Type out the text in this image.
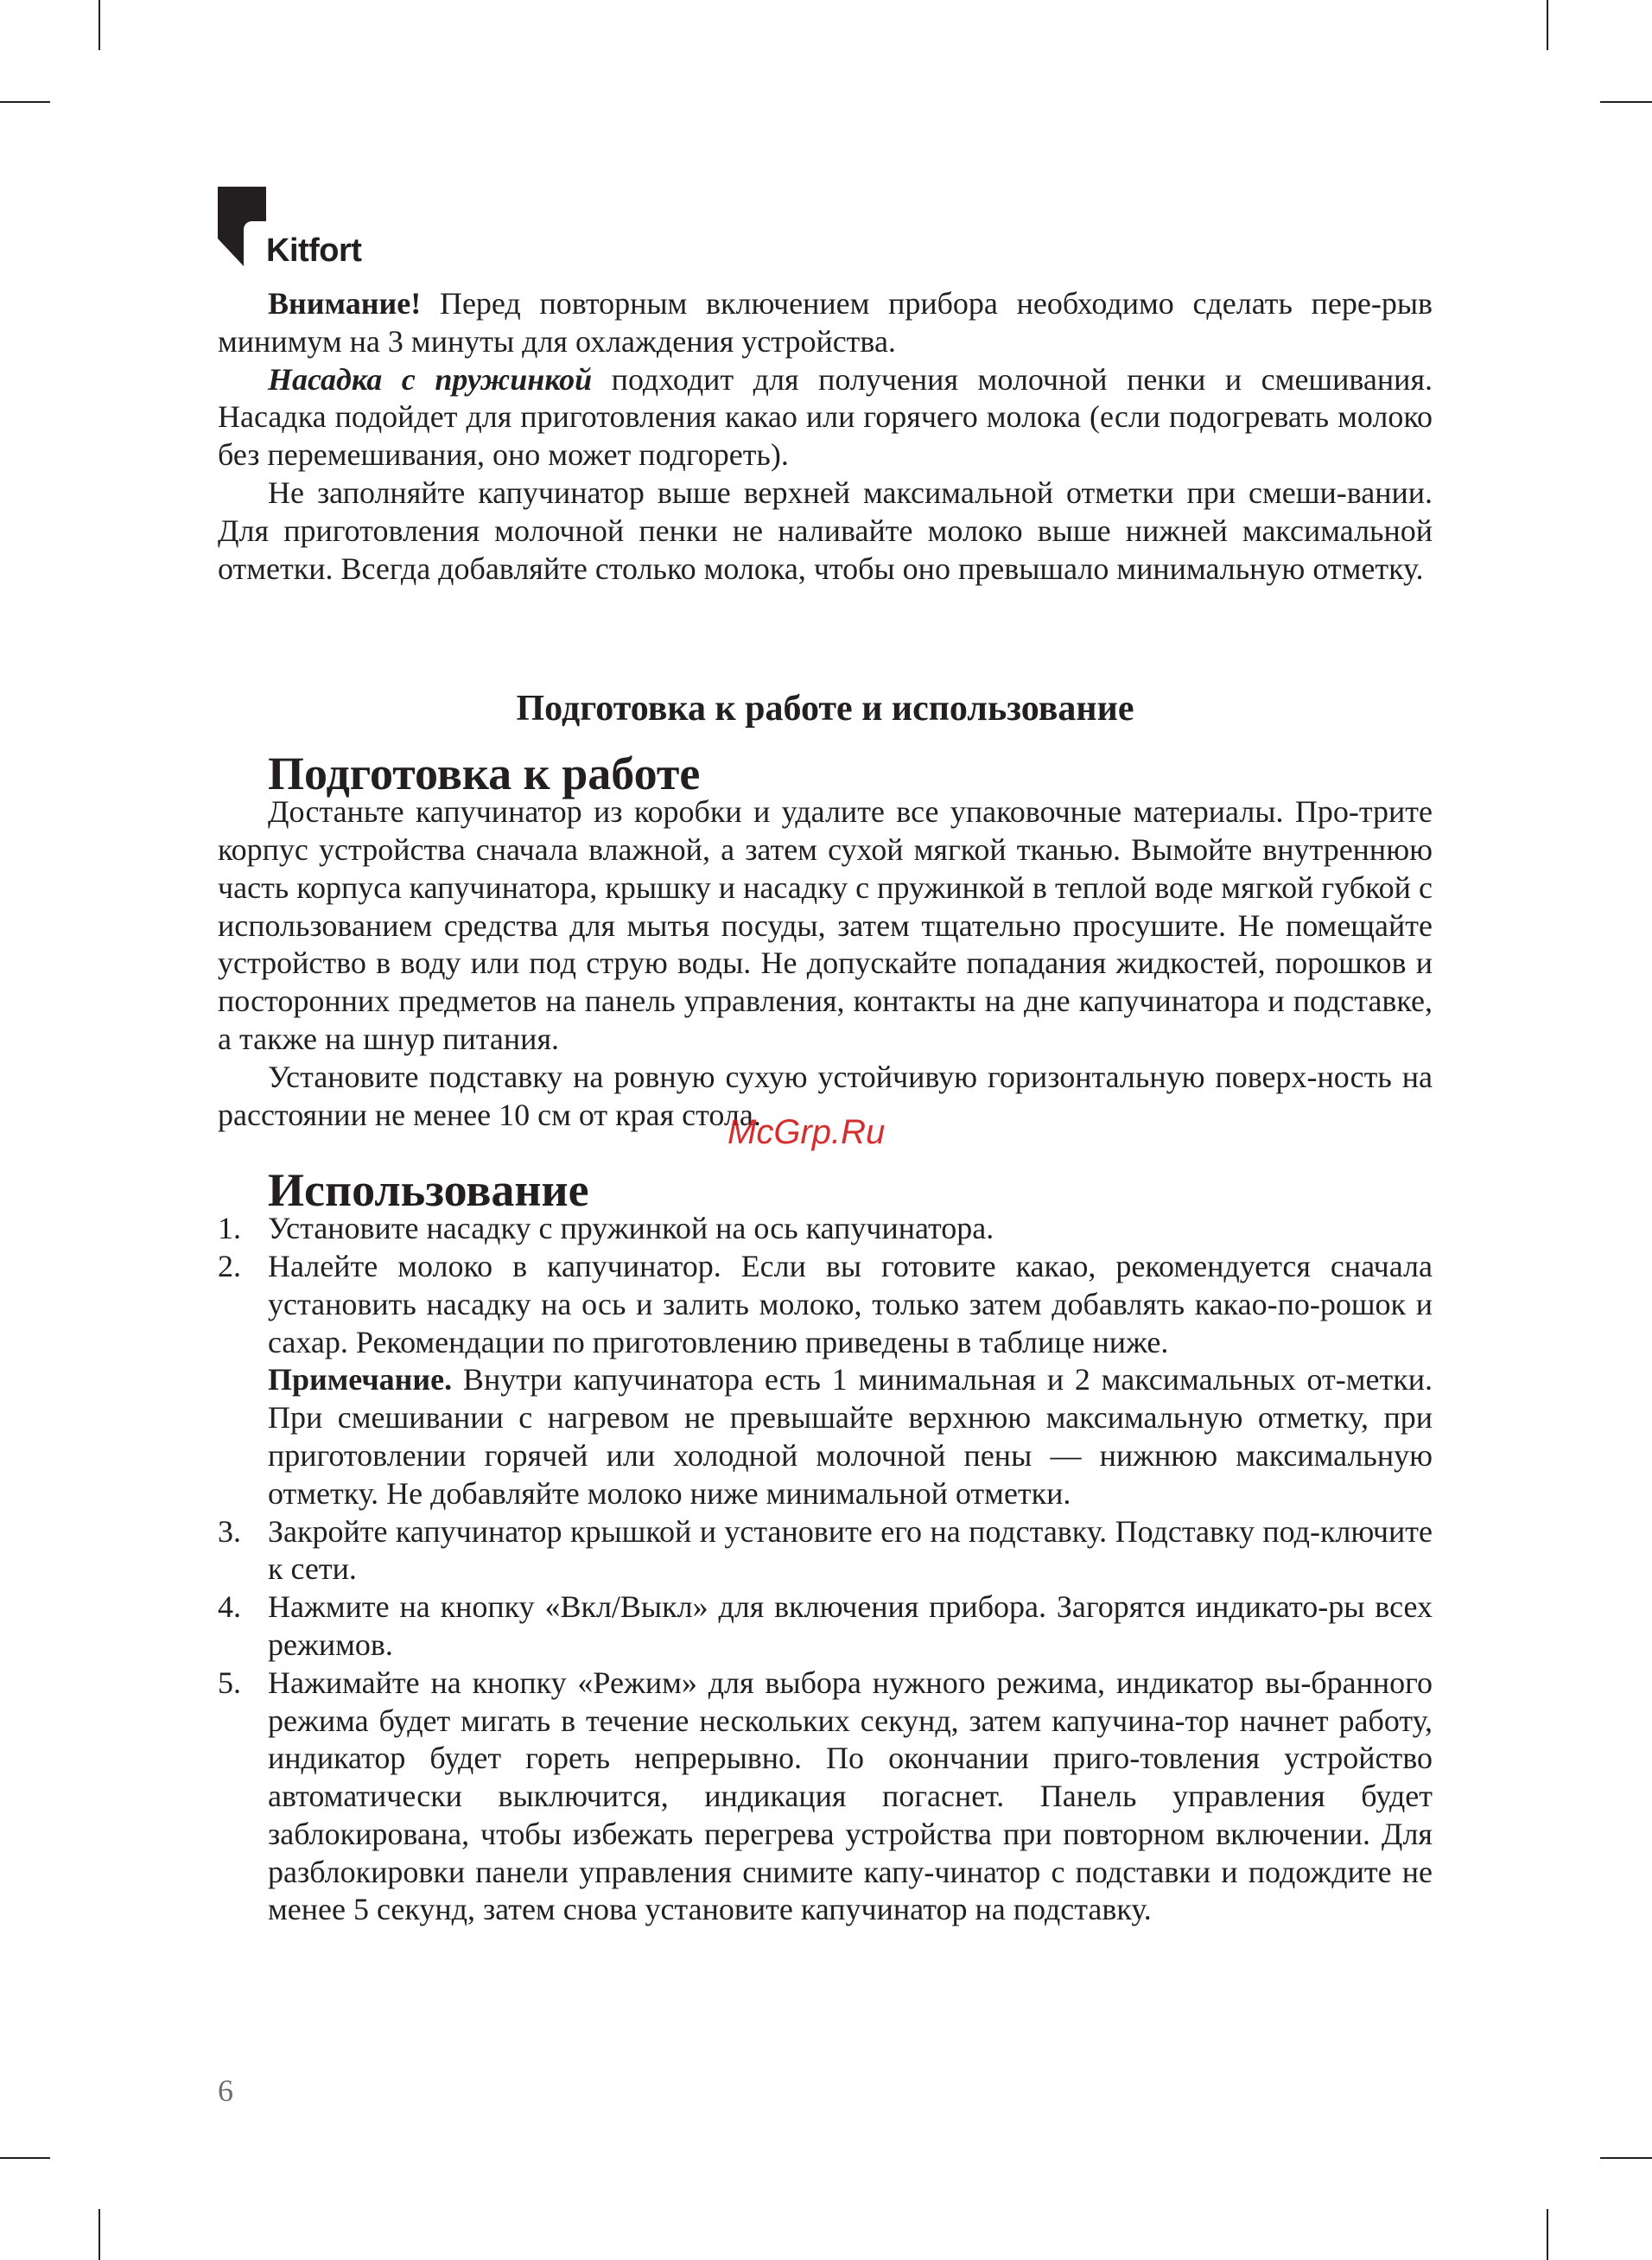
Kitfort

Внимание! Перед повторным включением прибора необходимо сделать пере-рыв минимум на 3 минуты для охлаждения устройства.

Насадка с пружинкой подходит для получения молочной пенки и смешивания. Насадка подойдет для приготовления какао или горячего молока (если подогревать молоко без перемешивания, оно может подгореть).

Не заполняйте капучинатор выше верхней максимальной отметки при смеши-вании. Для приготовления молочной пенки не наливайте молоко выше нижней максимальной отметки. Всегда добавляйте столько молока, чтобы оно превышало минимальную отметку.

Подготовка к работе и использование
Подготовка к работе

Достаньте капучинатор из коробки и удалите все упаковочные материалы. Про-трите корпус устройства сначала влажной, а затем сухой мягкой тканью. Вымойте внутреннюю часть корпуса капучинатора, крышку и насадку с пружинкой в теплой воде мягкой губкой с использованием средства для мытья посуды, затем тщательно просушите. Не помещайте устройство в воду или под струю воды. Не допускайте попадания жидкостей, порошков и посторонних предметов на панель управления, контакты на дне капучинатора и подставке, а также на шнур питания.

Установите подставку на ровную сухую устойчивую горизонтальную поверх-ность на расстоянии не менее 10 см от края стола.

Использование
1. Установите насадку с пружинкой на ось капучинатора.

2. Налейте молоко в капучинатор. Если вы готовите какао, рекомендуется сначала установить насадку на ось и залить молоко, только затем добавлять какао-по-рошок и сахар. Рекомендации по приготовлению приведены в таблице ниже.

Примечание. Внутри капучинатора есть 1 минимальная и 2 максимальных от-метки. При смешивании с нагревом не превышайте верхнюю максимальную отметку, при приготовлении горячей или холодной молочной пены — нижнюю максимальную отметку. Не добавляйте молоко ниже минимальной отметки.

3. Закройте капучинатор крышкой и установите его на подставку. Подставку под-ключите к сети.

4. Нажмите на кнопку «Вкл/Выкл» для включения прибора. Загорятся индикато-ры всех режимов.

5. Нажимайте на кнопку «Режим» для выбора нужного режима, индикатор вы-бранного режима будет мигать в течение нескольких секунд, затем капучина-тор начнет работу, индикатор будет гореть непрерывно. По окончании приго-товления устройство автоматически выключится, индикация погаснет. Панель управления будет заблокирована, чтобы избежать перегрева устройства при повторном включении. Для разблокировки панели управления снимите капу-чинатор с подставки и подождите не менее 5 секунд, затем снова установите капучинатор на подставку.

McGrp.Ru
6
